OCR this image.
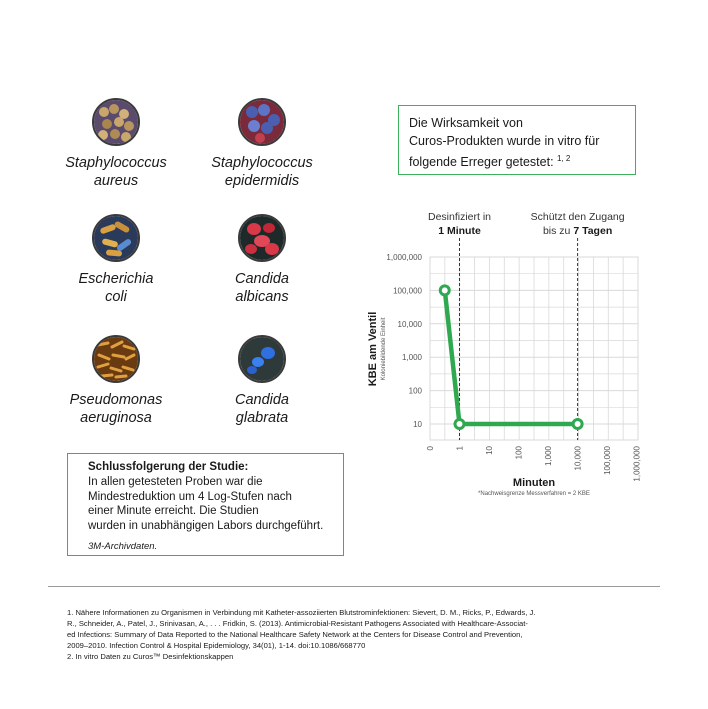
Staphylococcus
aureus
Staphylococcus
epidermidis
Escherichia
coli
Candida
albicans
Pseudomonas
aeruginosa
Candida
glabrata
Die Wirksamkeit von
Curos-Produkten wurde in vitro für
folgende Erreger getestet: $^{1, 2}$
10
100
1,000
10,000
100,000
1,000,000
0	1	10	100	1,000	10,000	100,000	1,000,000
Desinfiziert in
1 Minute
Schützt den Zugang
bis zu 7 Tagen
Minuten
*Nachweisgrenze Messverfahren = 2 KBE
KBE am Ventil Koloniebildende Einheit
Schlussfolgerung der Studie:
In allen getesteten Proben war die
Mindestreduktion um 4 Log-Stufen nach
einer Minute erreicht. Die Studien
wurden in unabhängigen Labors durchgeführt.
3M-Archivdaten.
1. Nähere Informationen zu Organismen in Verbindung mit Katheter-assoziierten Blutstrominfektionen: Sievert, D. M., Ricks, P., Edwards, J.
R., Schneider, A., Patel, J., Srinivasan, A., . . . Fridkin, S. (2013). Antimicrobial-Resistant Pathogens Associated with Healthcare-Associat-
ed Infections: Summary of Data Reported to the National Healthcare Safety Network at the Centers for Disease Control and Prevention,
2009–2010. Infection Control & Hospital Epidemiology, 34(01), 1-14. doi:10.1086/668770
2. In vitro Daten zu Curos™ Desinfektionskappen
